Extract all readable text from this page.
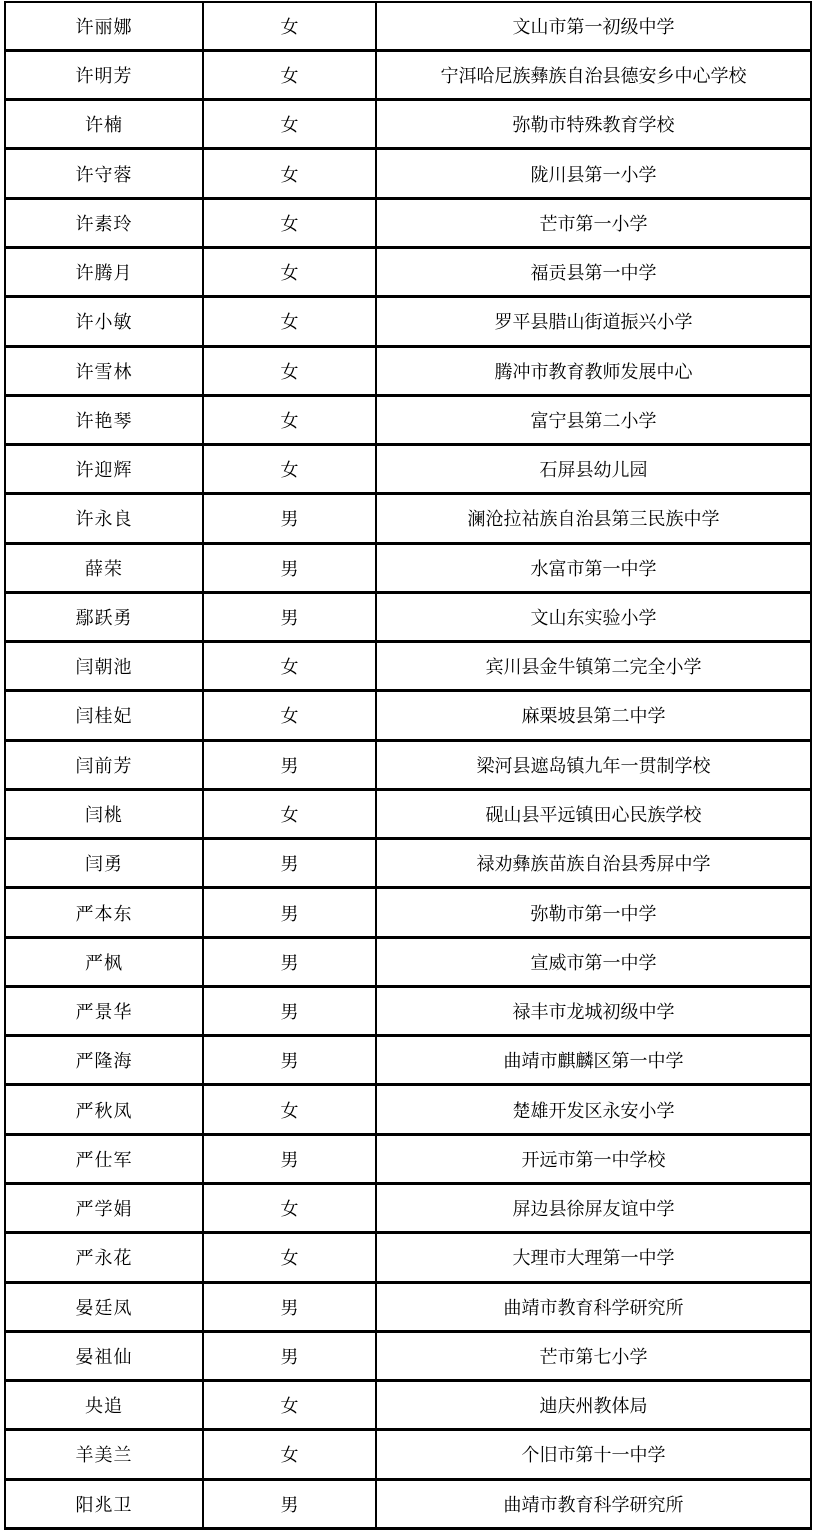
许丽娜	女	文山市第一初级中学
许明芳	女	宁洱哈尼族彝族自治县德安乡中心学校
许楠	女	弥勒市特殊教育学校
许守蓉	女	陇川县第一小学
许素玲	女	芒市第一小学
许腾月	女	福贡县第一中学
许小敏	女	罗平县腊山街道振兴小学
许雪林	女	腾冲市教育教师发展中心
许艳琴	女	富宁县第二小学
许迎辉	女	石屏县幼儿园
许永良	男	澜沧拉祜族自治县第三民族中学
薛荣	男	水富市第一中学
鄢跃勇	男	文山东实验小学
闫朝池	女	宾川县金牛镇第二完全小学
闫桂妃	女	麻栗坡县第二中学
闫前芳	男	梁河县遮岛镇九年一贯制学校
闫桃	女	砚山县平远镇田心民族学校
闫勇	男	禄劝彝族苗族自治县秀屏中学
严本东	男	弥勒市第一中学
严枫	男	宣威市第一中学
严景华	男	禄丰市龙城初级中学
严隆海	男	曲靖市麒麟区第一中学
严秋凤	女	楚雄开发区永安小学
严仕军	男	开远市第一中学校
严学娟	女	屏边县徐屏友谊中学
严永花	女	大理市大理第一中学
晏廷凤	男	曲靖市教育科学研究所
晏祖仙	男	芒市第七小学
央追	女	迪庆州教体局
羊美兰	女	个旧市第十一中学
阳兆卫	男	曲靖市教育科学研究所
